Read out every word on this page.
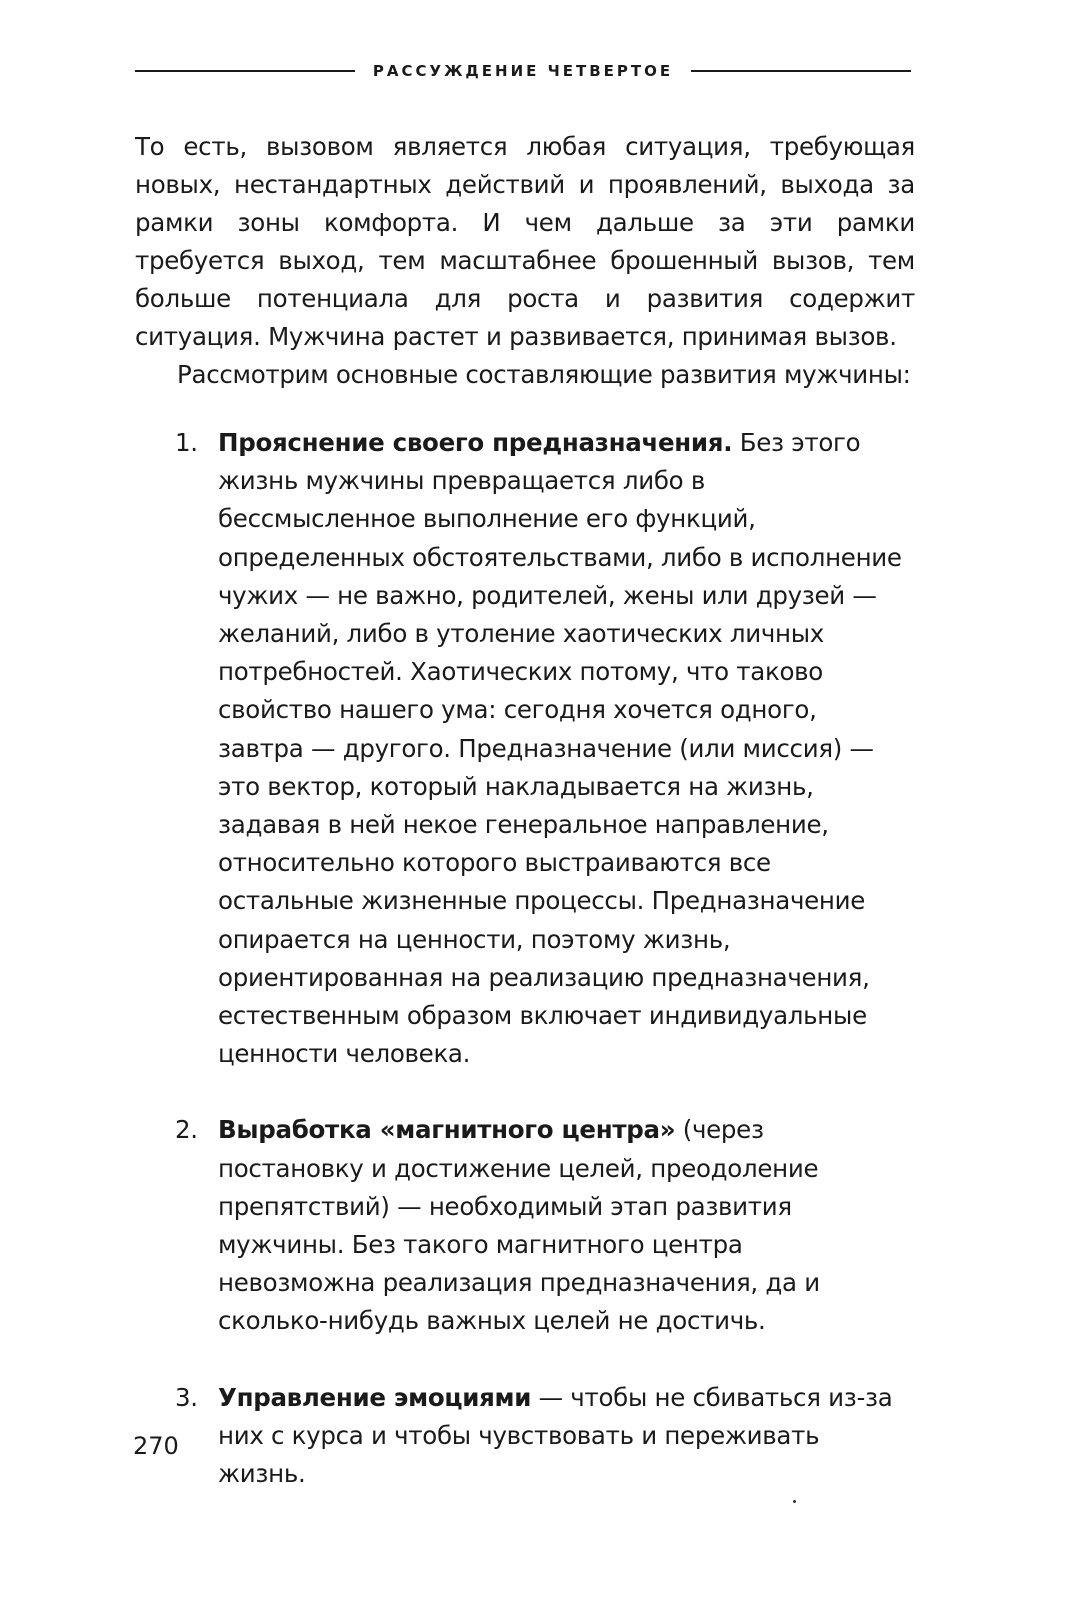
РАССУЖДЕНИЕ ЧЕТВЕРТОЕ

То есть, вызовом является любая ситуация, требующая новых, нестандартных действий и проявлений, выхода за рамки зоны комфорта. И чем дальше за эти рамки требуется выход, тем масштабнее брошенный вызов, тем больше потенциала для роста и развития содержит ситуация. Мужчина растет и развивается, принимая вызов.

Рассмотрим основные составляющие развития мужчины:

1. Прояснение своего предназначения. Без этого жизнь мужчины превращается либо в бессмысленное выполнение его функций, определенных обстоятельствами, либо в исполнение чужих — не важно, родителей, жены или друзей — желаний, либо в утоление хаотических личных потребностей. Хаотических потому, что таково свойство нашего ума: сегодня хочется одного, завтра — другого. Предназначение (или миссия) — это вектор, который накладывается на жизнь, задавая в ней некое генеральное направление, относительно которого выстраиваются все остальные жизненные процессы. Предназначение опирается на ценности, поэтому жизнь, ориентированная на реализацию предназначения, естественным образом включает индивидуальные ценности человека.
2. Выработка «магнитного центра» (через постановку и достижение целей, преодоление препятствий) — необходимый этап развития мужчины. Без такого магнитного центра невозможна реализация предназначения, да и сколько-нибудь важных целей не достичь.
3. Управление эмоциями — чтобы не сбиваться из-за них с курса и чтобы чувствовать и переживать жизнь.
270
